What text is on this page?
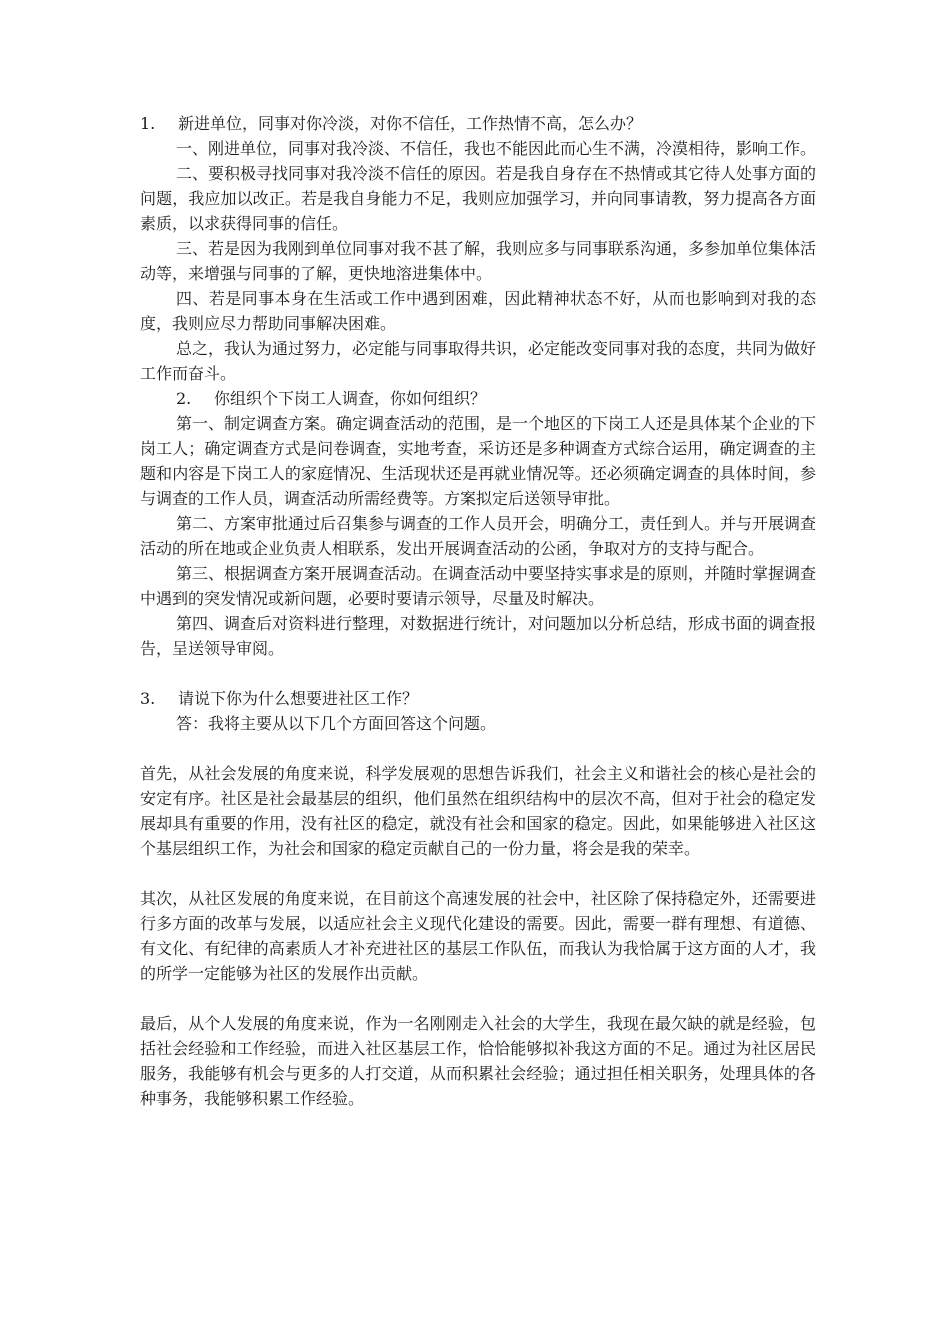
1. 新进单位，同事对你冷淡，对你不信任，工作热情不高，怎么办？

一、刚进单位，同事对我冷淡、不信任，我也不能因此而心生不满，冷漠相待，影响工作。

二、要积极寻找同事对我冷淡不信任的原因。若是我自身存在不热情或其它待人处事方面的问题，我应加以改正。若是我自身能力不足，我则应加强学习，并向同事请教，努力提高各方面素质，以求获得同事的信任。

三、若是因为我刚到单位同事对我不甚了解，我则应多与同事联系沟通，多参加单位集体活动等，来增强与同事的了解，更快地溶进集体中。

四、若是同事本身在生活或工作中遇到困难，因此精神状态不好，从而也影响到对我的态度，我则应尽力帮助同事解决困难。

总之，我认为通过努力，必定能与同事取得共识，必定能改变同事对我的态度，共同为做好工作而奋斗。

2. 你组织个下岗工人调查，你如何组织？

第一、制定调查方案。确定调查活动的范围，是一个地区的下岗工人还是具体某个企业的下岗工人；确定调查方式是问卷调查，实地考查，采访还是多种调查方式综合运用，确定调查的主题和内容是下岗工人的家庭情况、生活现状还是再就业情况等。还必须确定调查的具体时间，参与调查的工作人员，调查活动所需经费等。方案拟定后送领导审批。

第二、方案审批通过后召集参与调查的工作人员开会，明确分工，责任到人。并与开展调查活动的所在地或企业负责人相联系，发出开展调查活动的公函，争取对方的支持与配合。

第三、根据调查方案开展调查活动。在调查活动中要坚持实事求是的原则，并随时掌握调查中遇到的突发情况或新问题，必要时要请示领导，尽量及时解决。

第四、调查后对资料进行整理，对数据进行统计，对问题加以分析总结，形成书面的调查报告，呈送领导审阅。

3. 请说下你为什么想要进社区工作？

答：我将主要从以下几个方面回答这个问题。

首先，从社会发展的角度来说，科学发展观的思想告诉我们，社会主义和谐社会的核心是社会的安定有序。社区是社会最基层的组织，他们虽然在组织结构中的层次不高，但对于社会的稳定发展却具有重要的作用，没有社区的稳定，就没有社会和国家的稳定。因此，如果能够进入社区这个基层组织工作，为社会和国家的稳定贡献自己的一份力量，将会是我的荣幸。

其次，从社区发展的角度来说，在目前这个高速发展的社会中，社区除了保持稳定外，还需要进行多方面的改革与发展，以适应社会主义现代化建设的需要。因此，需要一群有理想、有道德、有文化、有纪律的高素质人才补充进社区的基层工作队伍，而我认为我恰属于这方面的人才，我的所学一定能够为社区的发展作出贡献。

最后，从个人发展的角度来说，作为一名刚刚走入社会的大学生，我现在最欠缺的就是经验，包括社会经验和工作经验，而进入社区基层工作，恰恰能够拟补我这方面的不足。通过为社区居民服务，我能够有机会与更多的人打交道，从而积累社会经验；通过担任相关职务，处理具体的各种事务，我能够积累工作经验。
